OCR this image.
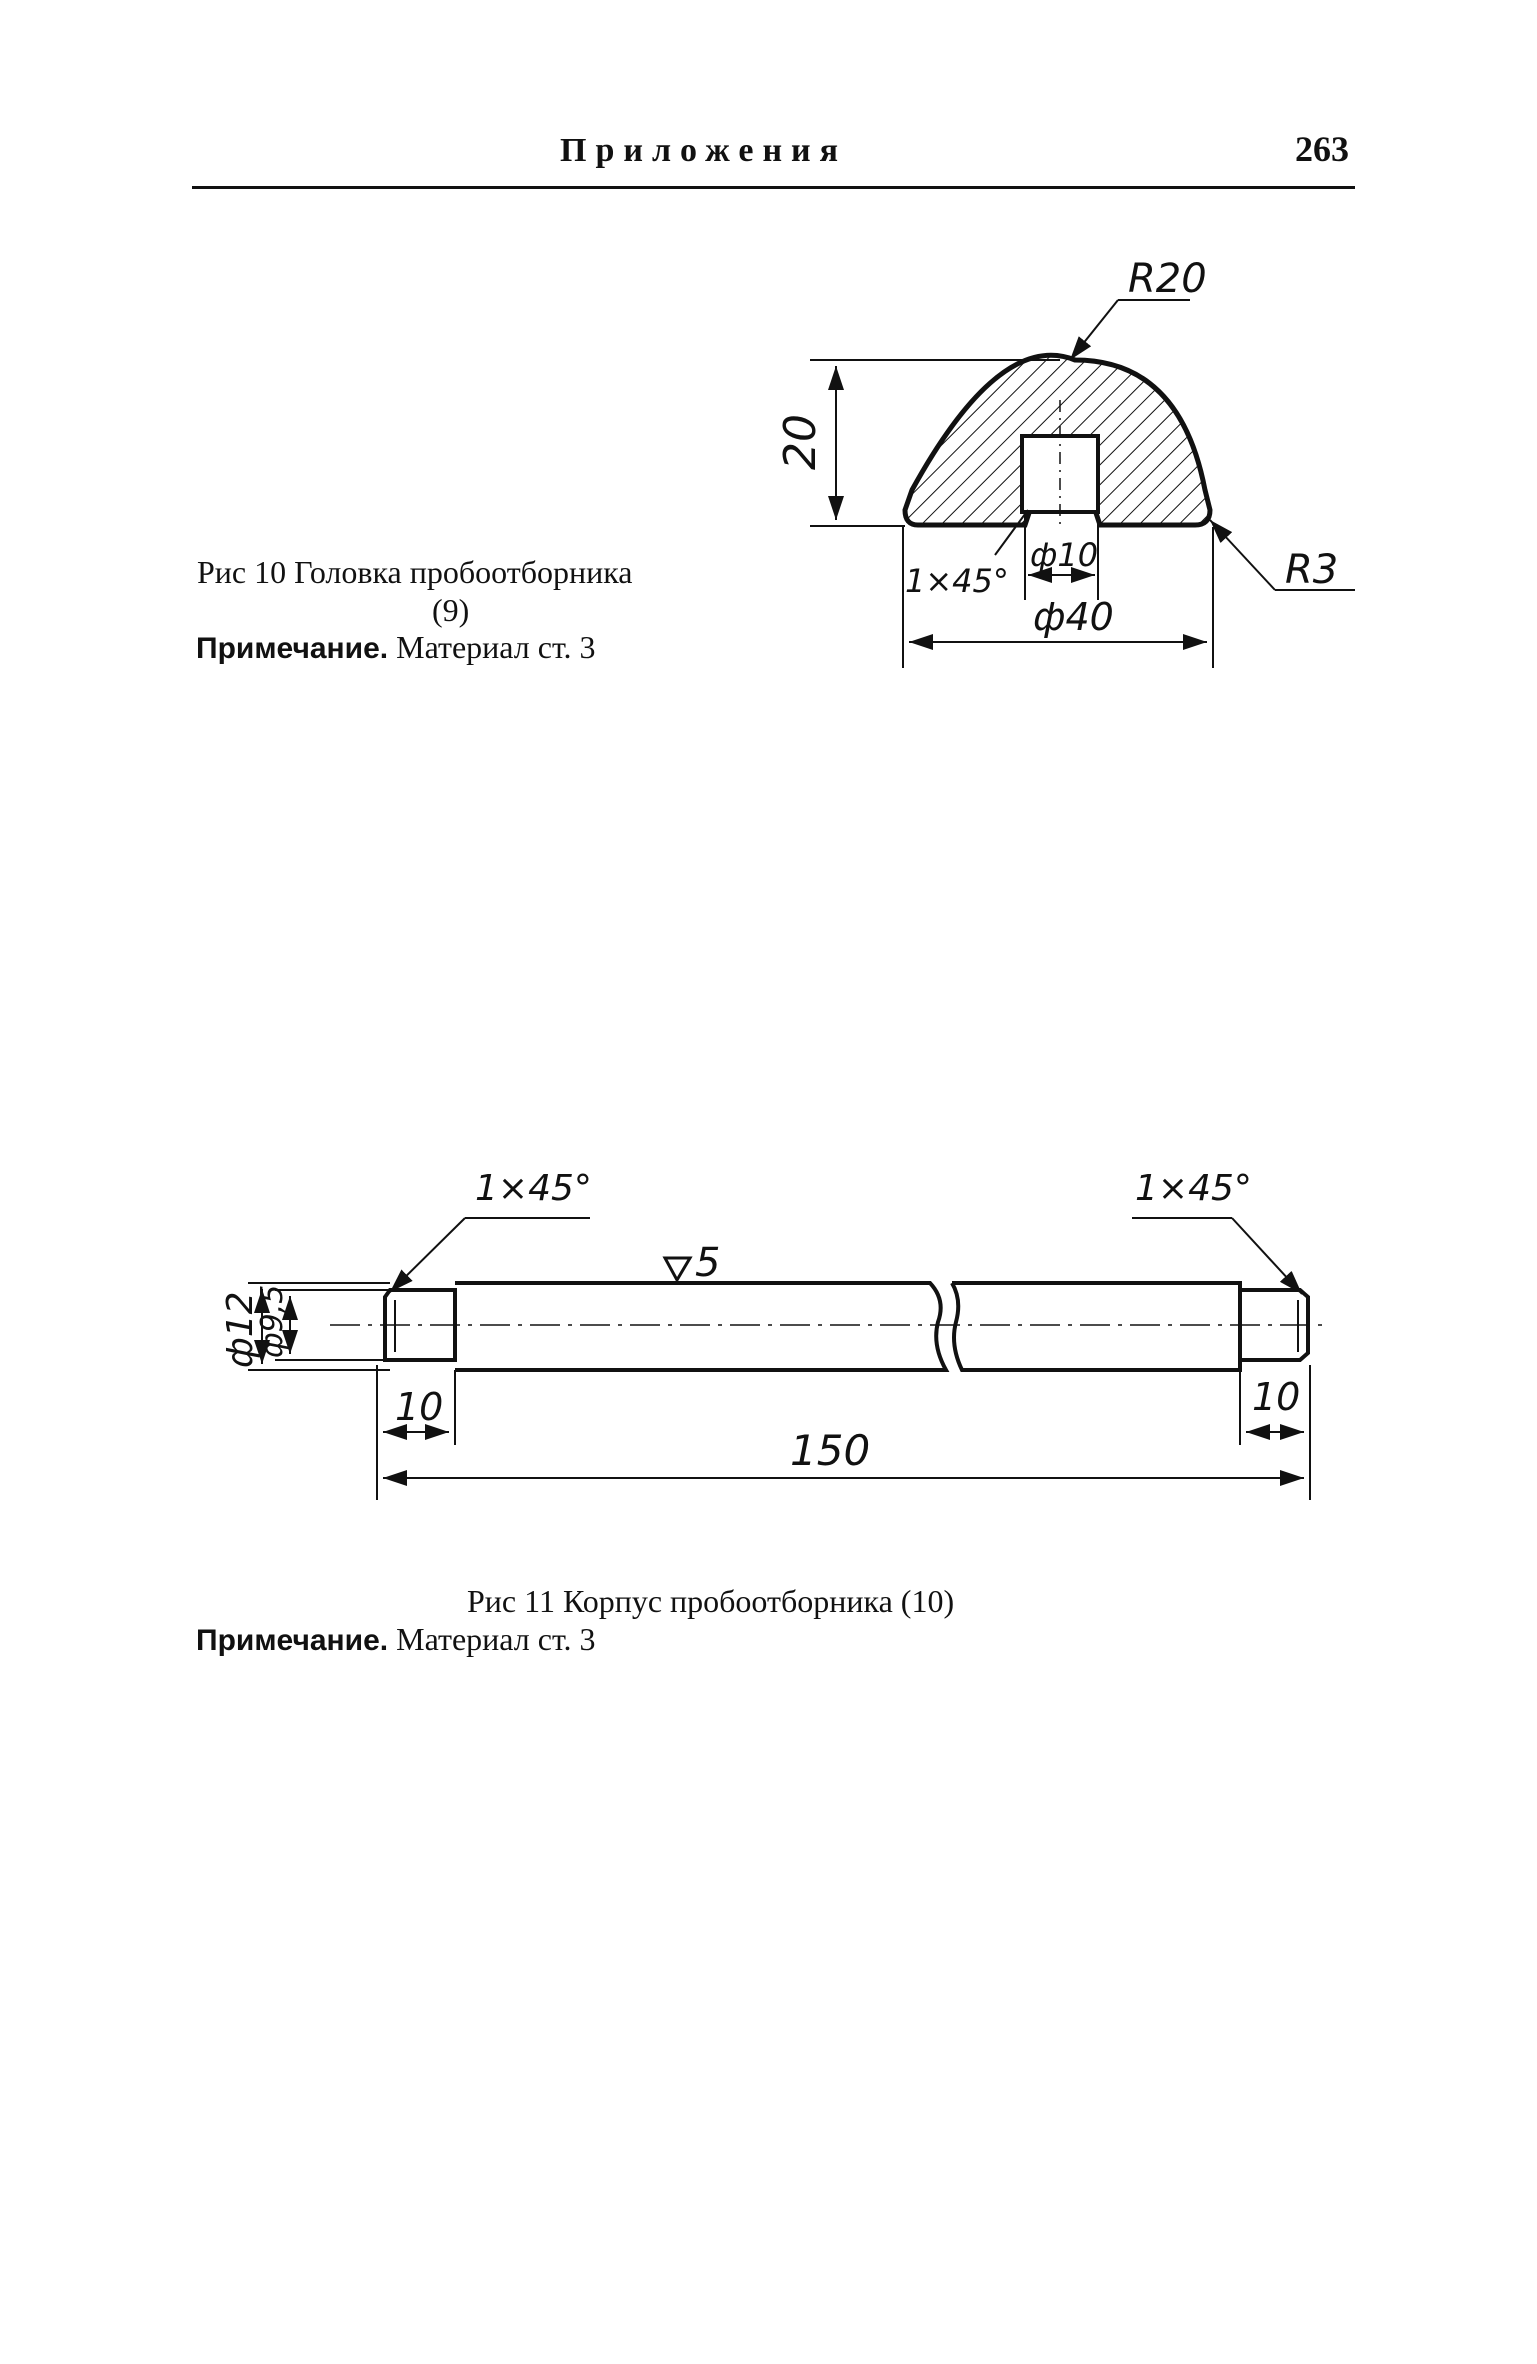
Приложения	263
Рис 10 Головка пробоотборника
(9)
Примечание. Материал ст. 3
Рис 11 Корпус пробоотборника (10)
Примечание. Материал ст. 3
R20
R3
20
1×45°
ф10
ф40
1×45°	1×45°
5
ф12
ф9,5
10	10
150
